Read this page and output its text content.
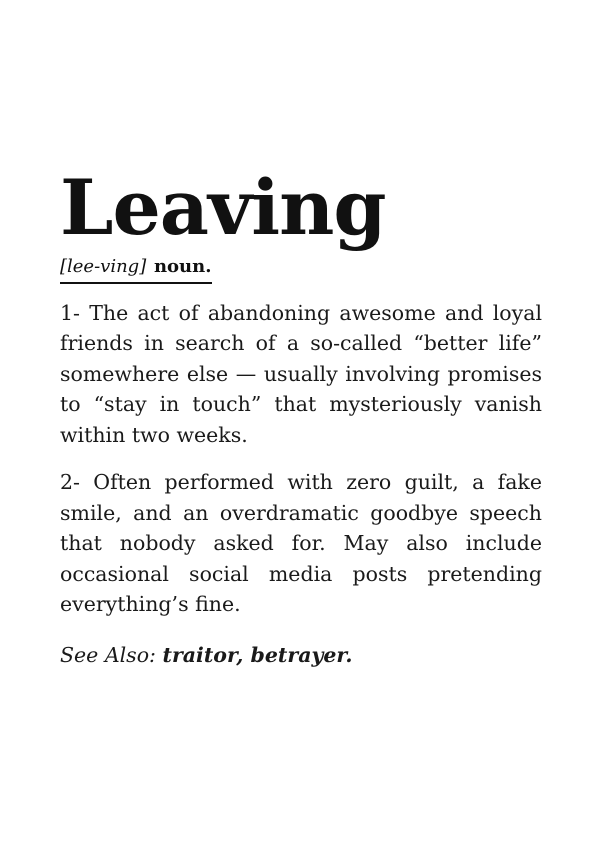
Leaving
[lee-ving] noun.

1- The act of abandoning awesome and loyal friends in search of a so-called “better life” somewhere else — usually involving promises to “stay in touch” that mysteriously vanish within two weeks.

2- Often performed with zero guilt, a fake smile, and an overdramatic goodbye speech that nobody asked for. May also include occasional social media posts pretending everything’s fine.

See Also: traitor, betrayer.
